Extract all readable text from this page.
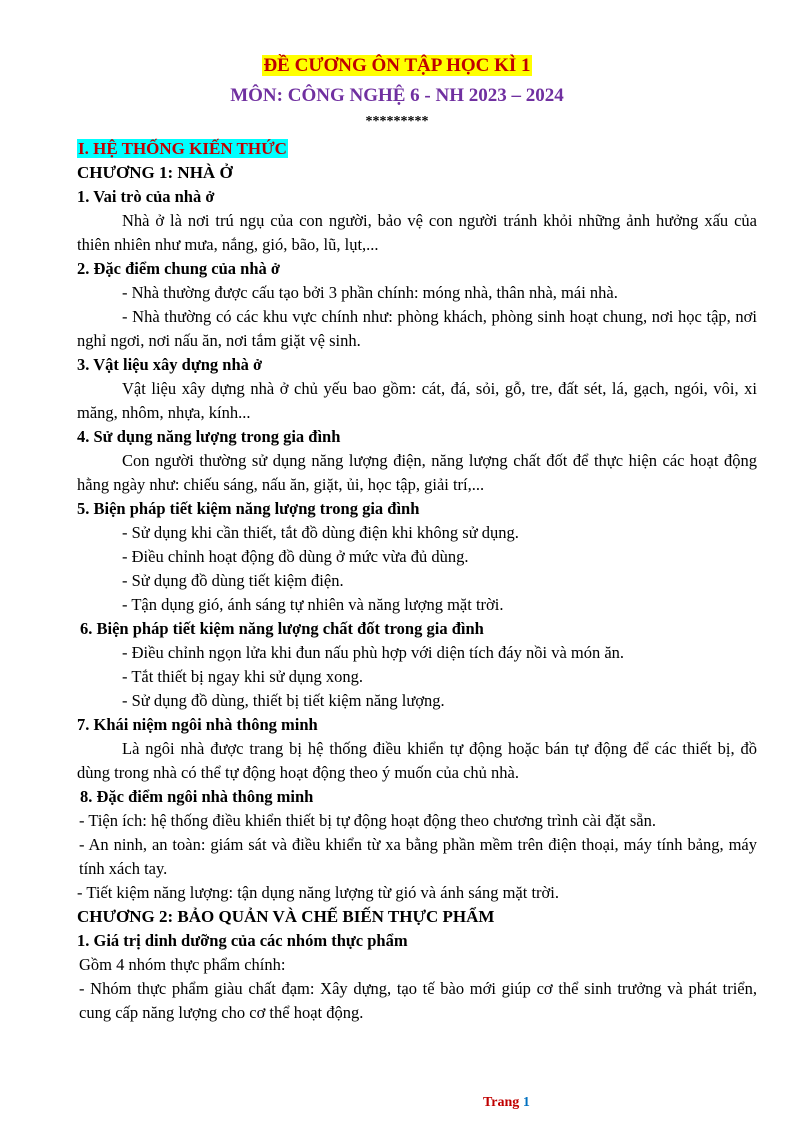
ĐỀ CƯƠNG ÔN TẬP HỌC KÌ 1
MÔN: CÔNG NGHỆ 6 - NH 2023 – 2024
*********

I. HỆ THỐNG KIẾN THỨC

CHƯƠNG 1: NHÀ Ở

1. Vai trò của nhà ở

Nhà ở là nơi trú ngụ của con người, bảo vệ con người tránh khỏi những ảnh hưởng xấu của thiên nhiên như mưa, nắng, gió, bão, lũ, lụt,...

2. Đặc điểm chung của nhà ở

- Nhà thường được cấu tạo bởi 3 phần chính: móng nhà, thân nhà, mái nhà.

- Nhà thường có các khu vực chính như: phòng khách, phòng sinh hoạt chung, nơi học tập, nơi nghỉ ngơi, nơi nấu ăn, nơi tắm giặt vệ sinh.

3. Vật liệu xây dựng nhà ở

Vật liệu xây dựng nhà ở chủ yếu bao gồm: cát, đá, sỏi, gỗ, tre, đất sét, lá, gạch, ngói, vôi, xi măng, nhôm, nhựa, kính...

4. Sử dụng năng lượng trong gia đình

Con người thường sử dụng năng lượng điện, năng lượng chất đốt để thực hiện các hoạt động hằng ngày như: chiếu sáng, nấu ăn, giặt, ủi, học tập, giải trí,...

5. Biện pháp tiết kiệm năng lượng trong gia đình

- Sử dụng khi cần thiết, tắt đồ dùng điện khi không sử dụng.

- Điều chỉnh hoạt động đồ dùng ở mức vừa đủ dùng.

- Sử dụng đồ dùng tiết kiệm điện.

- Tận dụng gió, ánh sáng tự nhiên và năng lượng mặt trời.

6. Biện pháp tiết kiệm năng lượng chất đốt trong gia đình

- Điều chỉnh ngọn lửa khi đun nấu phù hợp với diện tích đáy nồi và món ăn.

- Tắt thiết bị ngay khi sử dụng xong.

- Sử dụng đồ dùng, thiết bị tiết kiệm năng lượng.

7. Khái niệm ngôi nhà thông minh

Là ngôi nhà được trang bị hệ thống điều khiển tự động hoặc bán tự động để các thiết bị, đồ dùng trong nhà có thể tự động hoạt động theo ý muốn của chủ nhà.

8. Đặc điểm ngôi nhà thông minh

- Tiện ích: hệ thống điều khiển thiết bị tự động hoạt động theo chương trình cài đặt sẵn.

- An ninh, an toàn: giám sát và điều khiển từ xa bằng phần mềm trên điện thoại, máy tính bảng, máy tính xách tay.

- Tiết kiệm năng lượng: tận dụng năng lượng từ gió và ánh sáng mặt trời.

CHƯƠNG 2: BẢO QUẢN VÀ CHẾ BIẾN THỰC PHẨM

1. Giá trị dinh dưỡng của các nhóm thực phẩm

Gồm 4 nhóm thực phẩm chính:

- Nhóm thực phẩm giàu chất đạm: Xây dựng, tạo tế bào mới giúp cơ thể sinh trưởng và phát triển, cung cấp năng lượng cho cơ thể hoạt động.

Trang 1
